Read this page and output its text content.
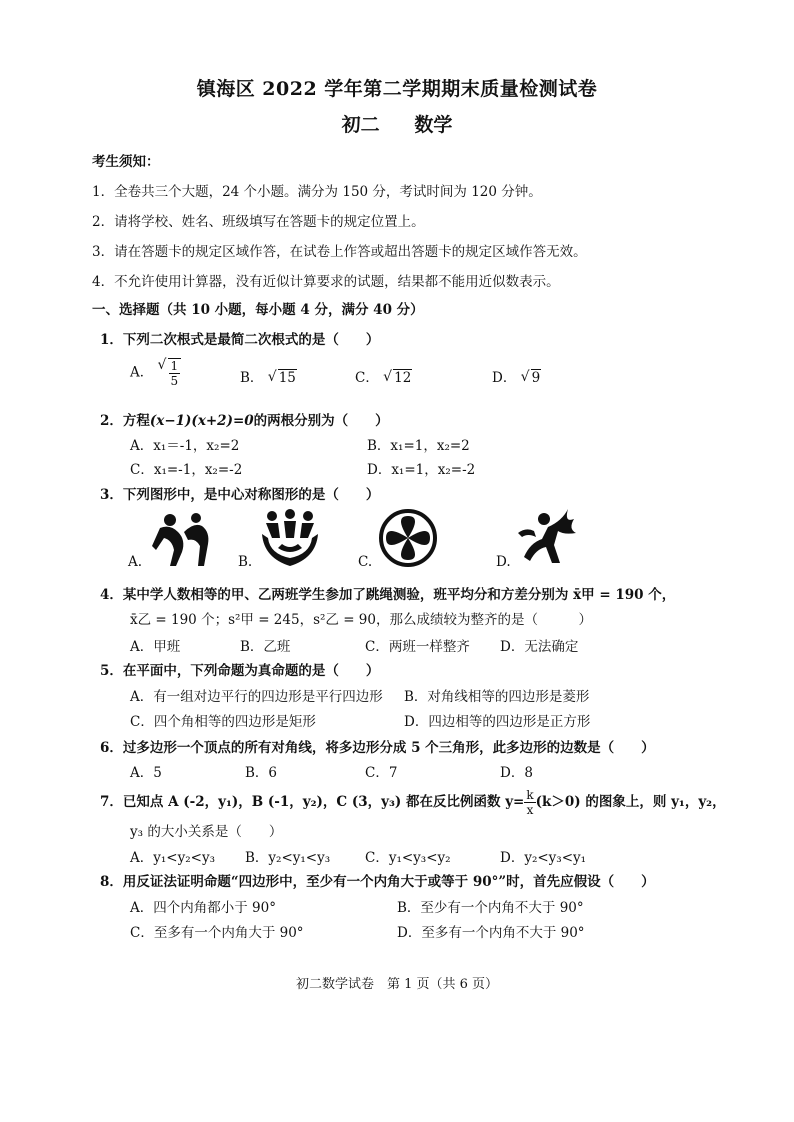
镇海区 2022 学年第二学期期末质量检测试卷
初二 数学
考生须知：
1．全卷共三个大题，24 个小题。满分为 150 分，考试时间为 120 分钟。
2．请将学校、姓名、班级填写在答题卡的规定位置上。
3．请在答题卡的规定区域作答，在试卷上作答或超出答题卡的规定区域作答无效。
4．不允许使用计算器，没有近似计算要求的试题，结果都不能用近似数表示。
一、选择题（共 10 小题，每小题 4 分，满分 40 分）
1．下列二次根式是最简二次根式的是（　　）
A． √ $\frac{1}{5}$	B． √ 15	C． √ 12	D． √ 9
2．方程(x−1)(x+2)=0的两根分别为（　　）
A．x₁＝-1，x₂=2	B．x₁=1，x₂=2
C．x₁=-1，x₂=-2	D．x₁=1，x₂=-2
3．下列图形中，是中心对称图形的是（　　）
A.	B.	C.	D.
4．某中学人数相等的甲、乙两班学生参加了跳绳测验，班平均分和方差分别为 x̄甲 = 190 个，
x̄乙 = 190 个；s²甲 = 245，s²乙 = 90，那么成绩较为整齐的是（　　　）
A．甲班	B．乙班	C．两班一样整齐 D．无法确定
5．在平面中，下列命题为真命题的是（　　）
A．有一组对边平行的四边形是平行四边形 B．对角线相等的四边形是菱形
C．四个角相等的四边形是矩形	D．四边相等的四边形是正方形
6．过多边形一个顶点的所有对角线，将多边形分成 5 个三角形，此多边形的边数是（　　）
A．5	B．6	C．7	D．8
7．已知点 A (-2，y₁)，B (-1，y₂)，C (3，y₃) 都在反比例函数 $y= \frac{k}{x} (k>0)$ 的图象上，则 y₁，y₂，
y₃ 的大小关系是（　　）
A．y₁<y₂<y₃ B．y₂<y₁<y₃	C．y₁<y₃<y₂	D．y₂<y₃<y₁
8．用反证法证明命题“四边形中，至少有一个内角大于或等于 90°”时，首先应假设（　　）
A．四个内角都小于 90°	B．至少有一个内角不大于 90°
C．至多有一个内角大于 90°	D．至多有一个内角不大于 90°
初二数学试卷　第 1 页（共 6 页）
